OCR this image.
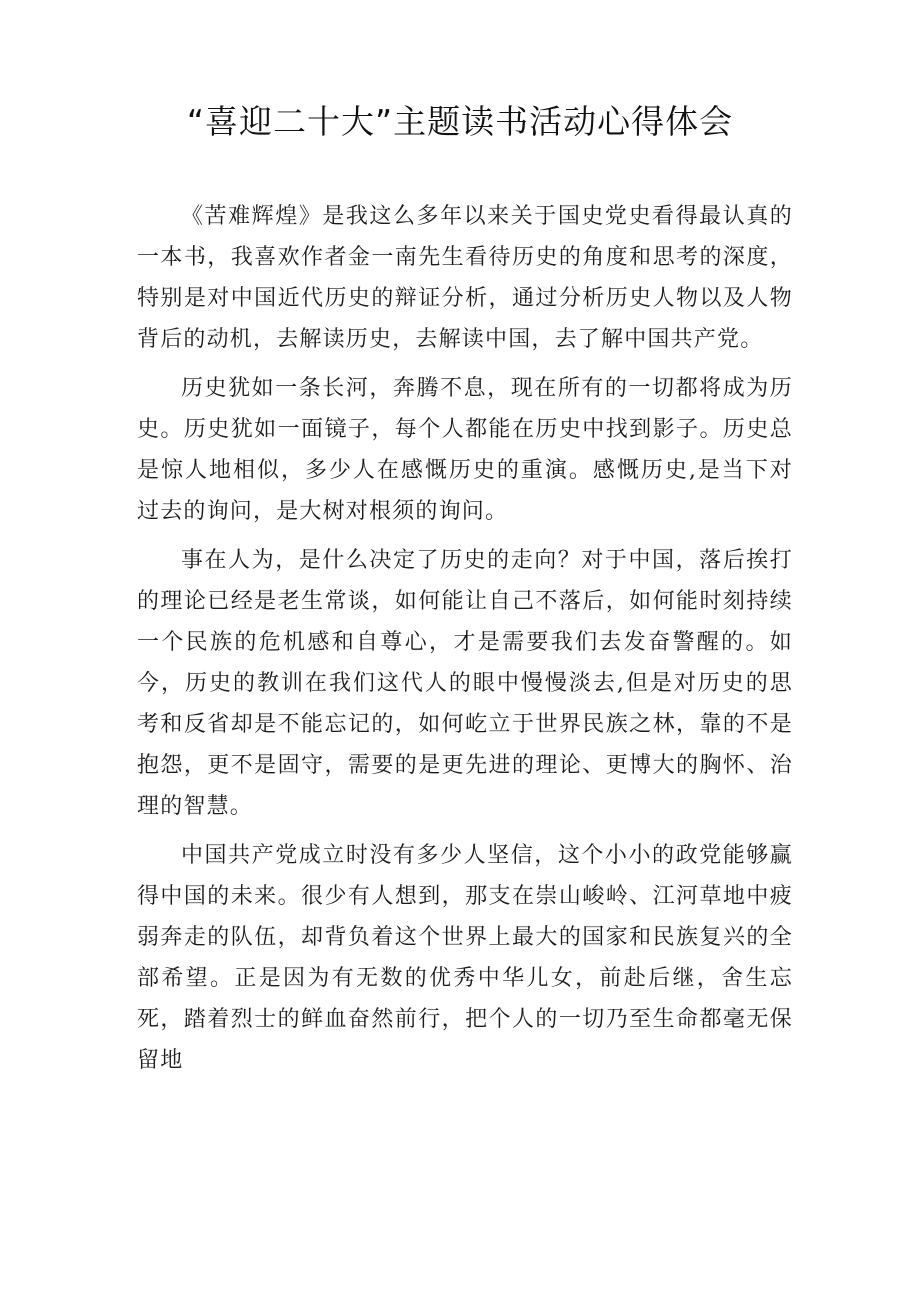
“喜迎二十大”主题读书活动心得体会

《苦难辉煌》是我这么多年以来关于国史党史看得最认真的一本书，我喜欢作者金一南先生看待历史的角度和思考的深度，特别是对中国近代历史的辩证分析，通过分析历史人物以及人物背后的动机，去解读历史，去解读中国，去了解中国共产党。

历史犹如一条长河，奔腾不息，现在所有的一切都将成为历史。历史犹如一面镜子，每个人都能在历史中找到影子。历史总是惊人地相似，多少人在感慨历史的重演。感慨历史,是当下对过去的询问，是大树对根须的询问。

事在人为，是什么决定了历史的走向？对于中国，落后挨打的理论已经是老生常谈，如何能让自己不落后，如何能时刻持续一个民族的危机感和自尊心，才是需要我们去发奋警醒的。如今，历史的教训在我们这代人的眼中慢慢淡去,但是对历史的思考和反省却是不能忘记的，如何屹立于世界民族之林，靠的不是抱怨，更不是固守，需要的是更先进的理论、更博大的胸怀、治理的智慧。

中国共产党成立时没有多少人坚信，这个小小的政党能够赢得中国的未来。很少有人想到，那支在崇山峻岭、江河草地中疲弱奔走的队伍，却背负着这个世界上最大的国家和民族复兴的全部希望。正是因为有无数的优秀中华儿女，前赴后继，舍生忘死，踏着烈士的鲜血奋然前行，把个人的一切乃至生命都毫无保留地
